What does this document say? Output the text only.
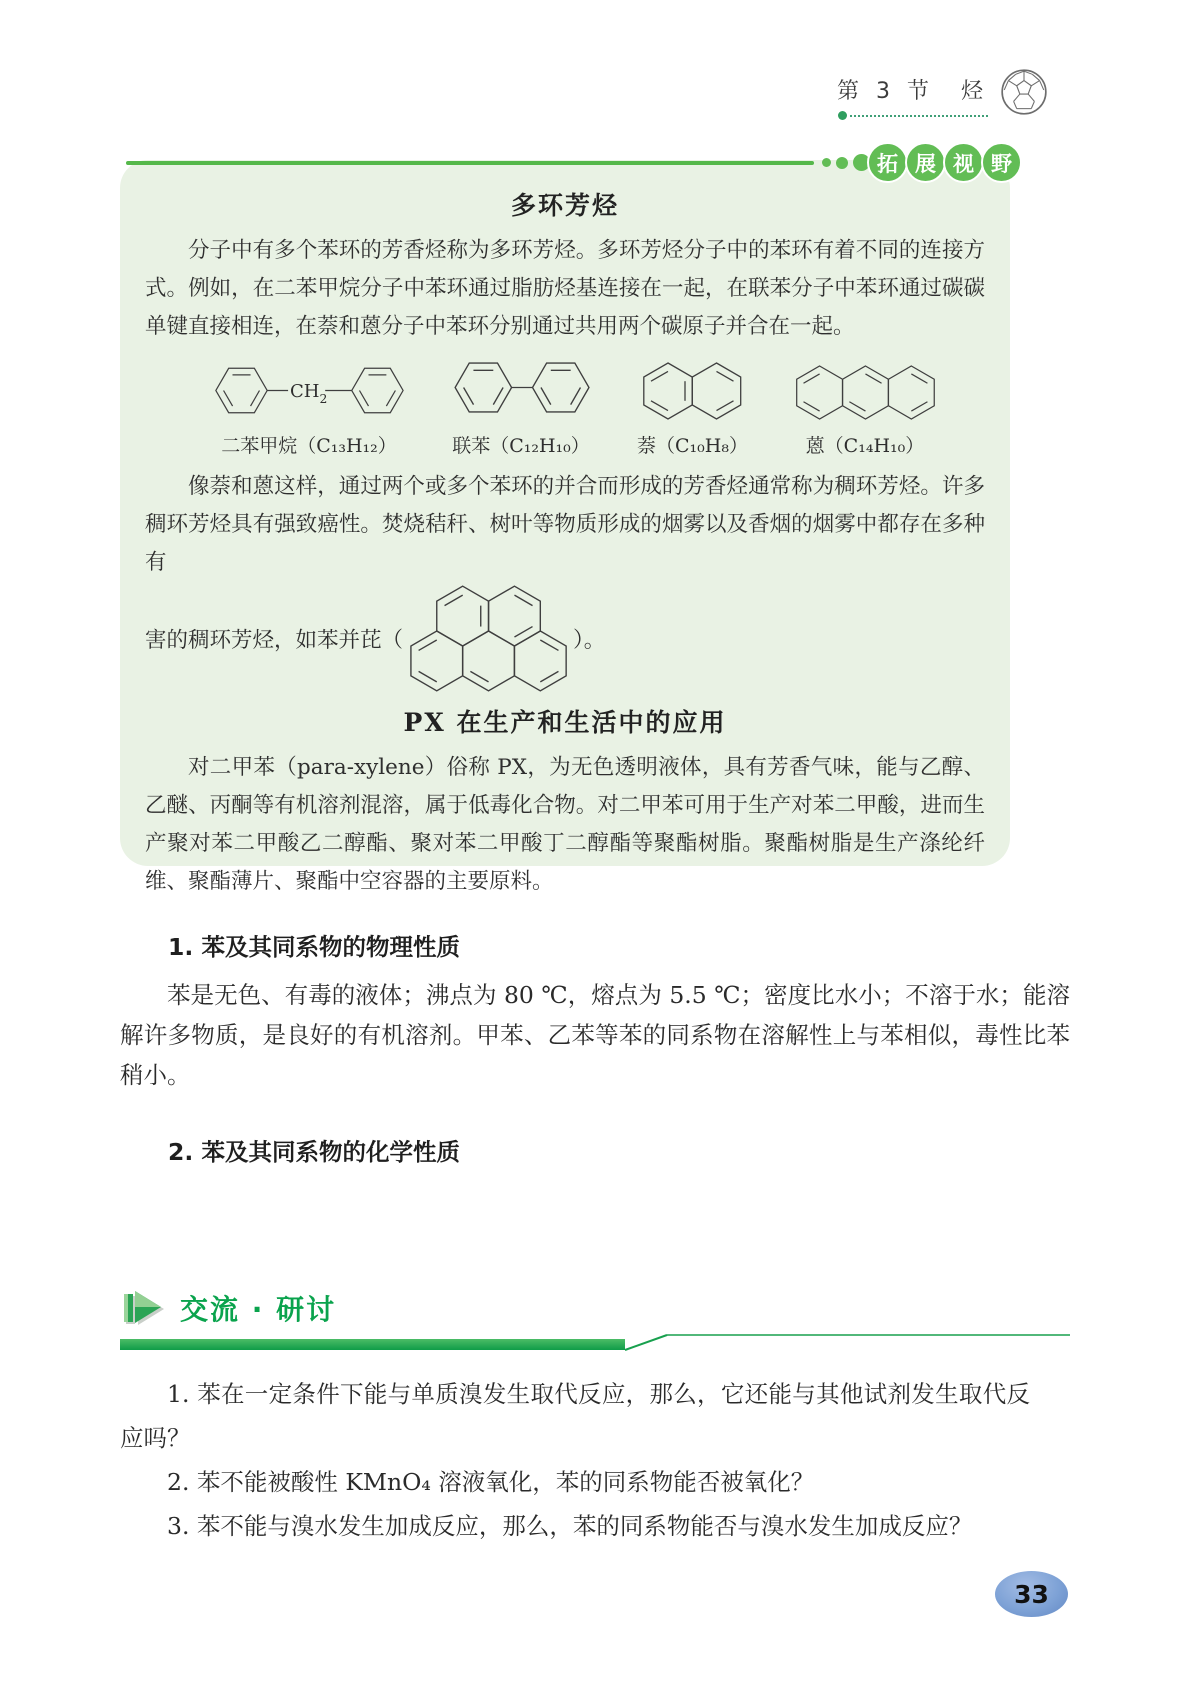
第 3 节　烃
拓 展 视 野
多环芳烃

分子中有多个苯环的芳香烃称为多环芳烃。多环芳烃分子中的苯环有着不同的连接方式。例如，在二苯甲烷分子中苯环通过脂肪烃基连接在一起，在联苯分子中苯环通过碳碳单键直接相连，在萘和蒽分子中苯环分别通过共用两个碳原子并合在一起。

$CH_2$
二苯甲烷（C₁₃H₁₂）	联苯（C₁₂H₁₀） 萘（C₁₀H₈）	蒽（C₁₄H₁₀）

像萘和蒽这样，通过两个或多个苯环的并合而形成的芳香烃通常称为稠环芳烃。许多稠环芳烃具有强致癌性。焚烧秸秆、树叶等物质形成的烟雾以及香烟的烟雾中都存在多种有

害的稠环芳烃，如苯并芘（	）。
PX 在生产和生活中的应用

对二甲苯（para-xylene）俗称 PX，为无色透明液体，具有芳香气味，能与乙醇、乙醚、丙酮等有机溶剂混溶，属于低毒化合物。对二甲苯可用于生产对苯二甲酸，进而生产聚对苯二甲酸乙二醇酯、聚对苯二甲酸丁二醇酯等聚酯树脂。聚酯树脂是生产涤纶纤维、聚酯薄片、聚酯中空容器的主要原料。

1. 苯及其同系物的物理性质

苯是无色、有毒的液体；沸点为 80 ℃，熔点为 5.5 ℃；密度比水小；不溶于水；能溶解许多物质，是良好的有机溶剂。甲苯、乙苯等苯的同系物在溶解性上与苯相似，毒性比苯稍小。

2. 苯及其同系物的化学性质
交流 · 研讨

1. 苯在一定条件下能与单质溴发生取代反应，那么，它还能与其他试剂发生取代反应吗？

2. 苯不能被酸性 KMnO₄ 溶液氧化，苯的同系物能否被氧化？

3. 苯不能与溴水发生加成反应，那么，苯的同系物能否与溴水发生加成反应？

33
